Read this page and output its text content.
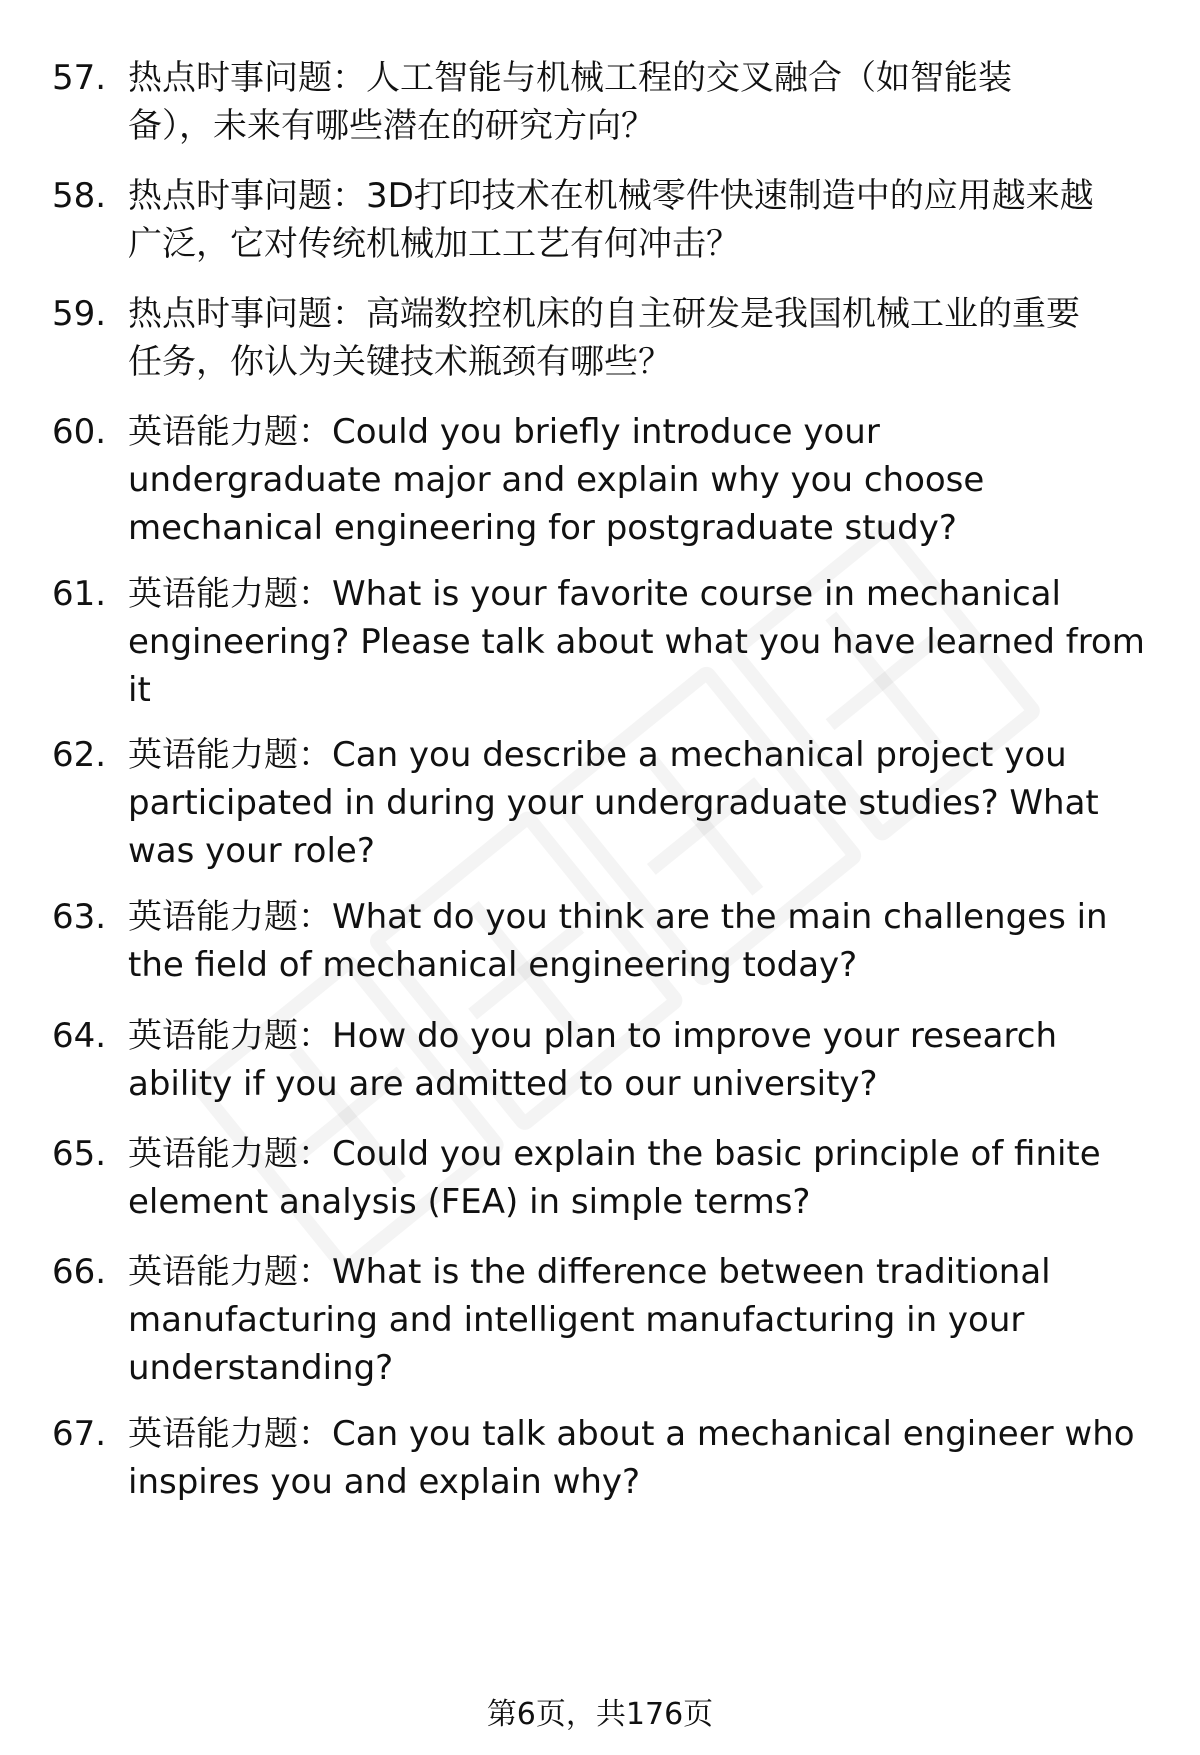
57. 热点时事问题：人工智能与机械工程的交叉融合（如智能装
备），未来有哪些潜在的研究方向？
58. 热点时事问题：3D打印技术在机械零件快速制造中的应用越来越
广泛，它对传统机械加工工艺有何冲击？
59. 热点时事问题：高端数控机床的自主研发是我国机械工业的重要
任务，你认为关键技术瓶颈有哪些？
60. 英语能力题：Could you briefly introduce your
undergraduate major and explain why you choose
mechanical engineering for postgraduate study?
61. 英语能力题：What is your favorite course in mechanical
engineering? Please talk about what you have learned from
it
62. 英语能力题：Can you describe a mechanical project you
participated in during your undergraduate studies? What
was your role?
63. 英语能力题：What do you think are the main challenges in
the field of mechanical engineering today?
64. 英语能力题：How do you plan to improve your research
ability if you are admitted to our university?
65. 英语能力题：Could you explain the basic principle of finite
element analysis (FEA) in simple terms?
66. 英语能力题：What is the difference between traditional
manufacturing and intelligent manufacturing in your
understanding?
67. 英语能力题：Can you talk about a mechanical engineer who
inspires you and explain why?
第6页，共176页
